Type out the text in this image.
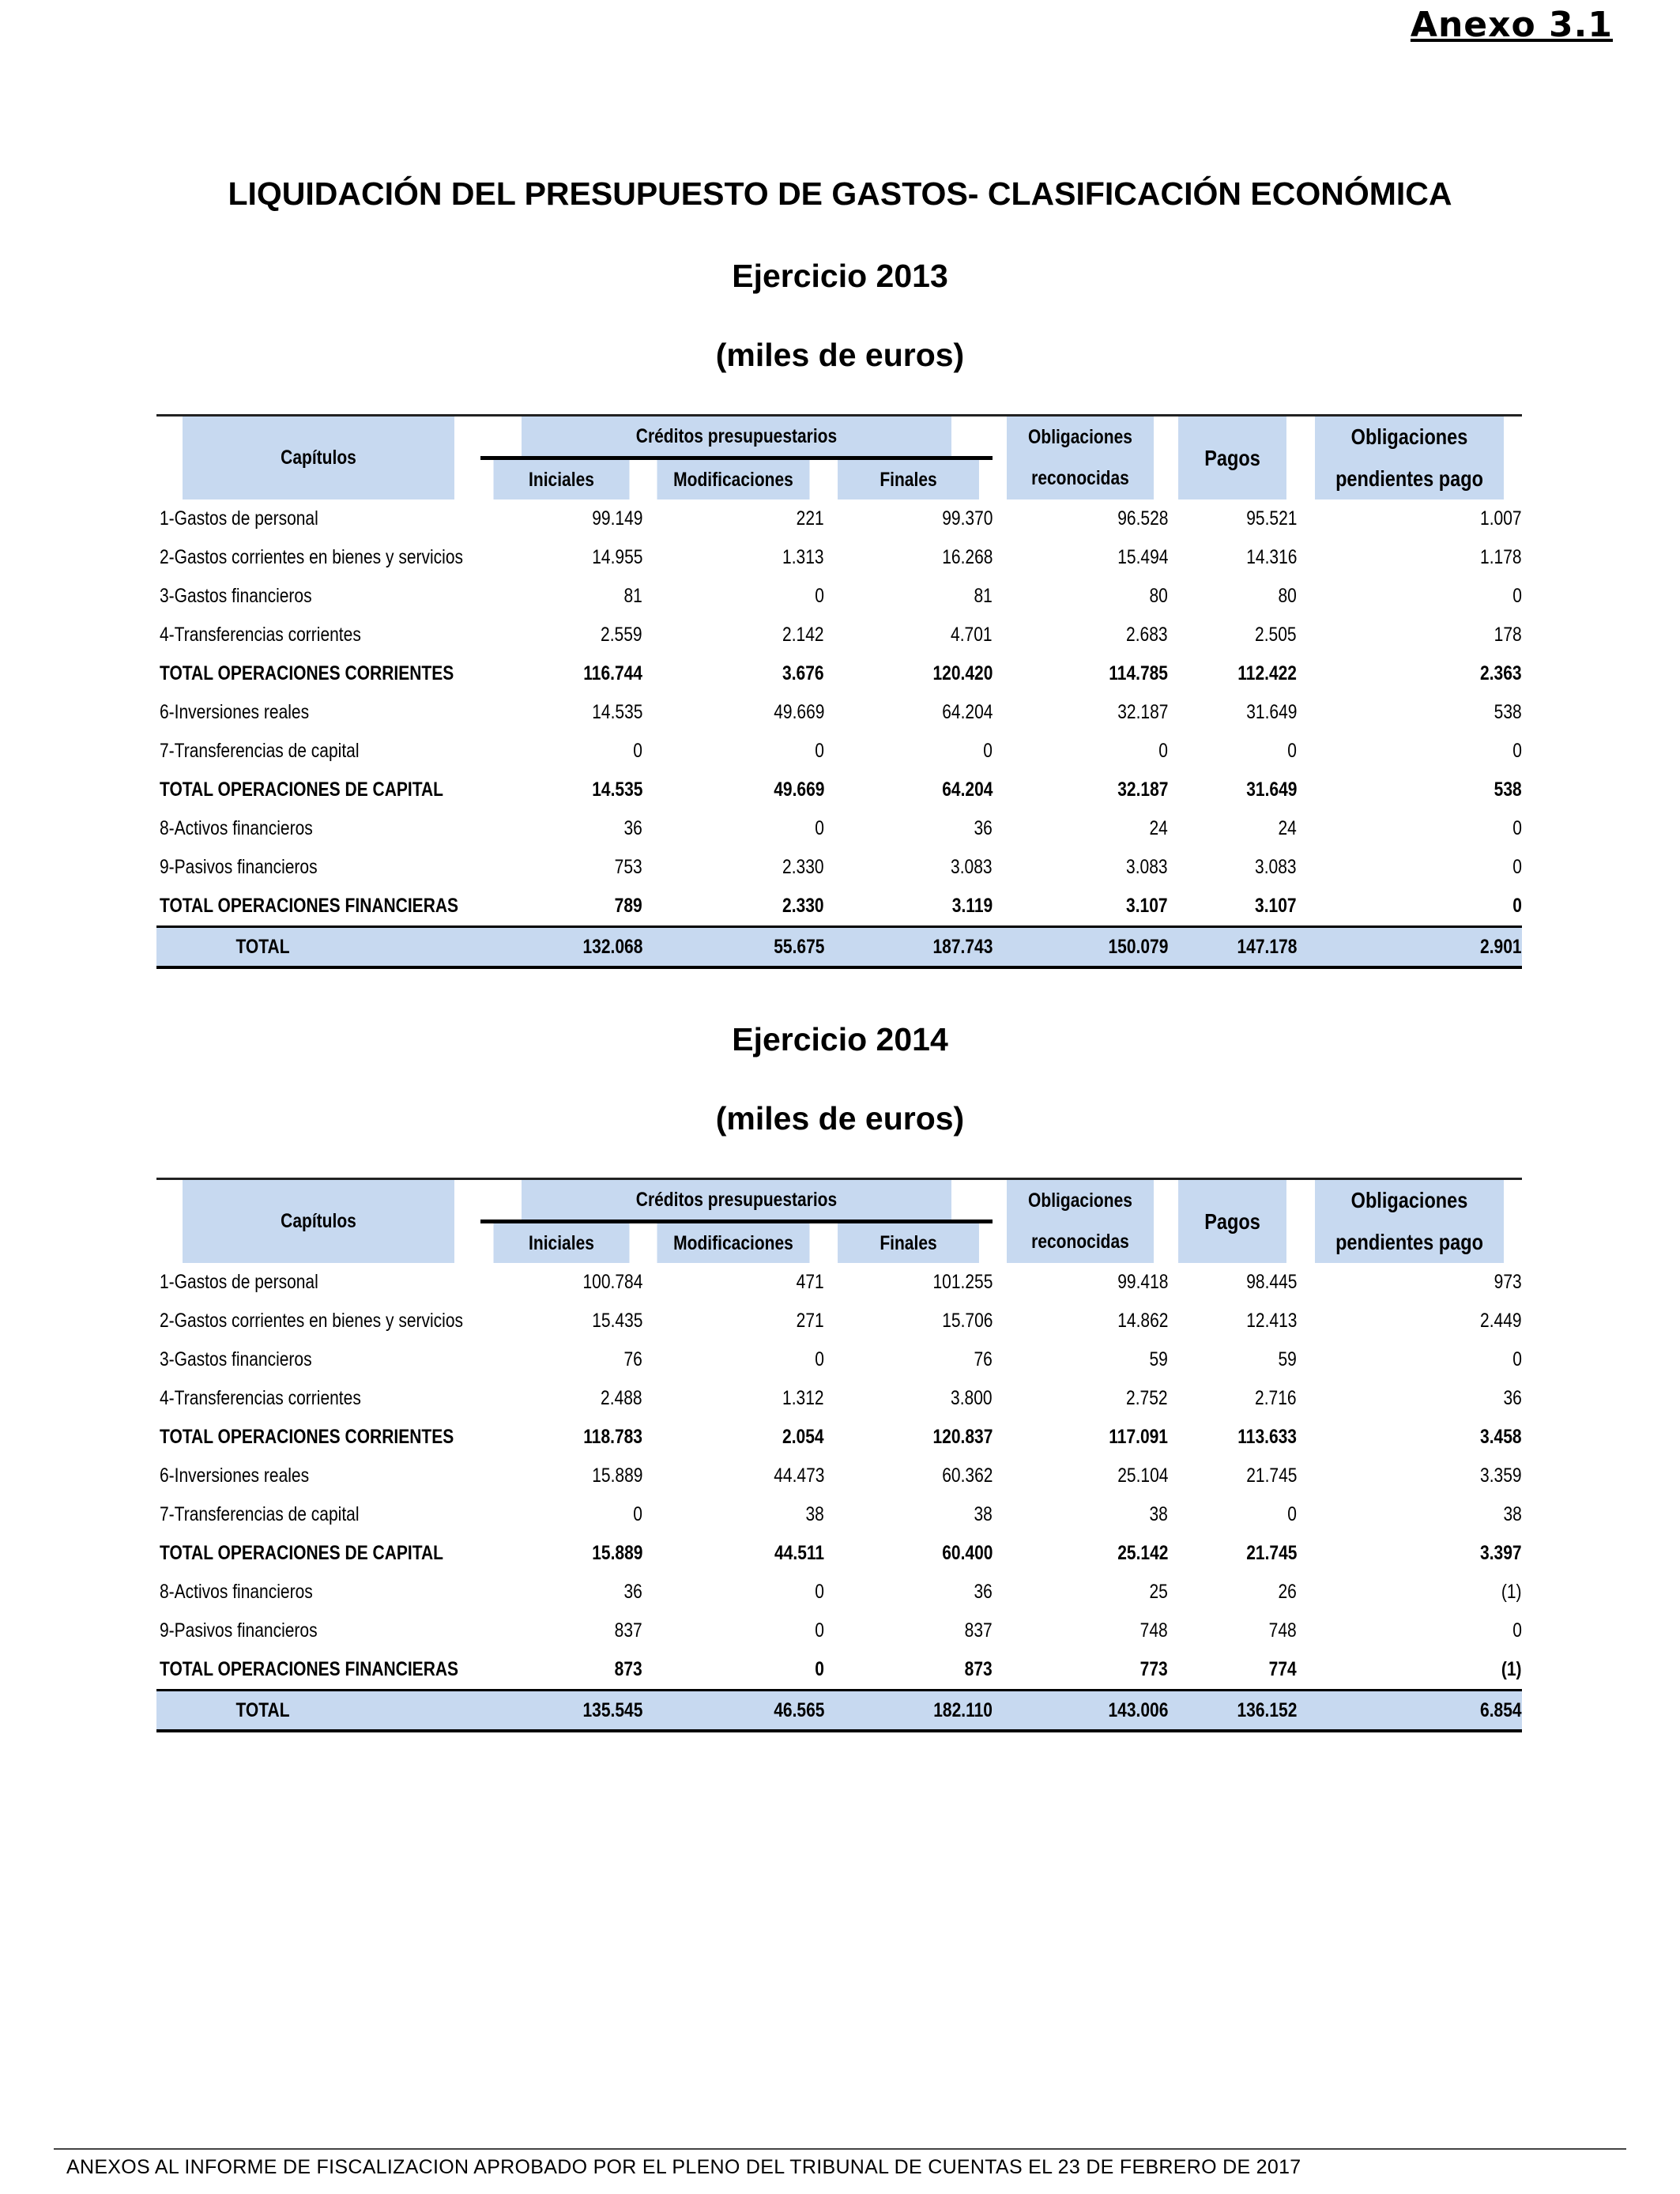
Anexo 3.1
LIQUIDACIÓN DEL PRESUPUESTO DE GASTOS- CLASIFICACIÓN ECONÓMICA
Ejercicio 2013
(miles de euros)
Capítulos	Créditos presupuestarios			Obligaciones	Pagos	Obligaciones
	Iniciales	Modificaciones	Finales	reconocidas		pendientes pago
1-Gastos de personal	99.149	221	99.370	96.528	95.521	1.007
2-Gastos corrientes en bienes y servicios	14.955	1.313	16.268	15.494	14.316	1.178
3-Gastos financieros	81	0	81	80	80	0
4-Transferencias corrientes	2.559	2.142	4.701	2.683	2.505	178
TOTAL OPERACIONES CORRIENTES	116.744	3.676	120.420	114.785	112.422	2.363
6-Inversiones reales	14.535	49.669	64.204	32.187	31.649	538
7-Transferencias de capital	0	0	0	0	0	0
TOTAL OPERACIONES DE CAPITAL	14.535	49.669	64.204	32.187	31.649	538
8-Activos financieros	36	0	36	24	24	0
9-Pasivos financieros	753	2.330	3.083	3.083	3.083	0
TOTAL OPERACIONES FINANCIERAS	789	2.330	3.119	3.107	3.107	0
TOTAL	132.068	55.675	187.743	150.079	147.178	2.901
Ejercicio 2014
(miles de euros)
Capítulos	Créditos presupuestarios			Obligaciones	Pagos	Obligaciones
	Iniciales	Modificaciones	Finales	reconocidas		pendientes pago
1-Gastos de personal	100.784	471	101.255	99.418	98.445	973
2-Gastos corrientes en bienes y servicios	15.435	271	15.706	14.862	12.413	2.449
3-Gastos financieros	76	0	76	59	59	0
4-Transferencias corrientes	2.488	1.312	3.800	2.752	2.716	36
TOTAL OPERACIONES CORRIENTES	118.783	2.054	120.837	117.091	113.633	3.458
6-Inversiones reales	15.889	44.473	60.362	25.104	21.745	3.359
7-Transferencias de capital	0	38	38	38	0	38
TOTAL OPERACIONES DE CAPITAL	15.889	44.511	60.400	25.142	21.745	3.397
8-Activos financieros	36	0	36	25	26	(1)
9-Pasivos financieros	837	0	837	748	748	0
TOTAL OPERACIONES FINANCIERAS	873	0	873	773	774	(1)
TOTAL	135.545	46.565	182.110	143.006	136.152	6.854
ANEXOS AL INFORME DE FISCALIZACION APROBADO POR EL PLENO DEL TRIBUNAL DE CUENTAS EL 23 DE FEBRERO DE 2017
